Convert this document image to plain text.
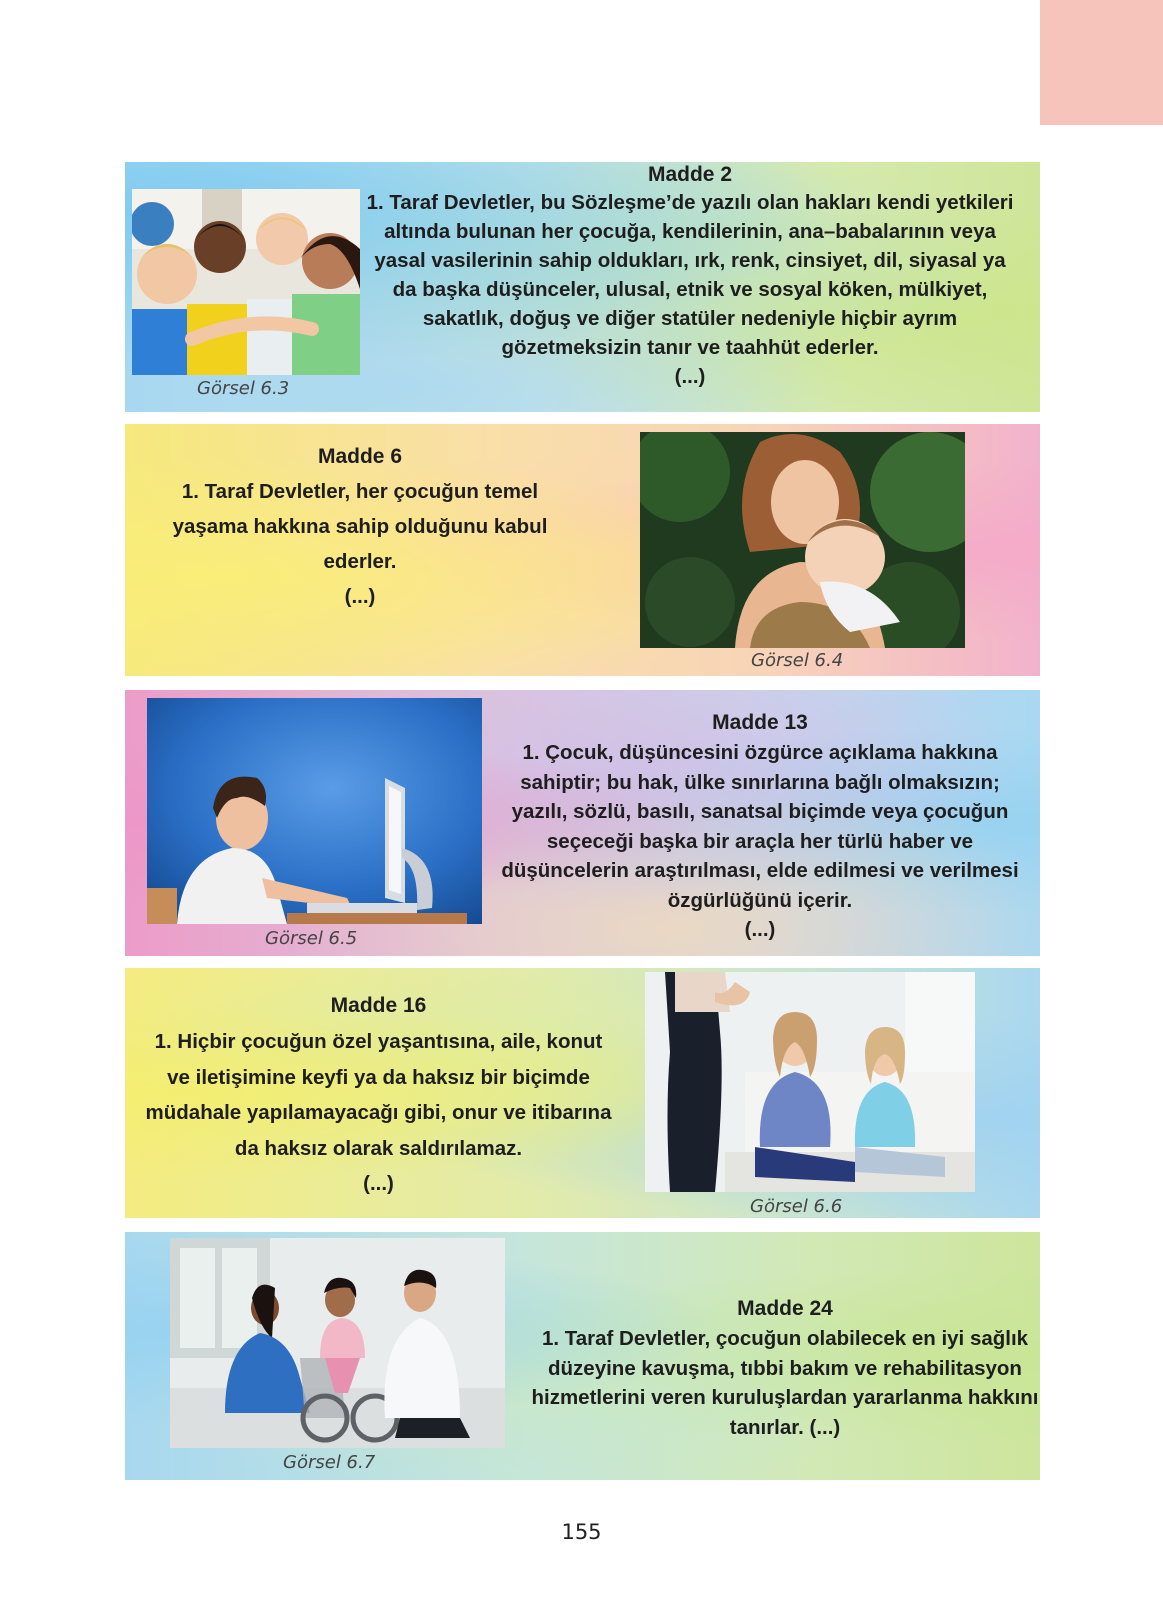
Görsel 6.3
Madde 2
1. Taraf Devletler, bu Sözleşme’de yazılı olan hakları kendi yetkileri altında bulunan her çocuğa, kendilerinin, ana–babalarının veya yasal vasilerinin sahip oldukları, ırk, renk, cinsiyet, dil, siyasal ya da başka düşünceler, ulusal, etnik ve sosyal köken, mülkiyet, sakatlık, doğuş ve diğer statüler nedeniyle hiçbir ayrım gözetmeksizin tanır ve taahhüt ederler.
(...)
Madde 6
1. Taraf Devletler, her çocuğun temel yaşama hakkına sahip olduğunu kabul ederler.
(...)
Görsel 6.4
Görsel 6.5
Madde 13
1. Çocuk, düşüncesini özgürce açıklama hakkına sahiptir; bu hak, ülke sınırlarına bağlı olmaksızın; yazılı, sözlü, basılı, sanatsal biçimde veya çocuğun seçeceği başka bir araçla her türlü haber ve düşüncelerin araştırılması, elde edilmesi ve verilmesi özgürlüğünü içerir.
(...)
Madde 16
1. Hiçbir çocuğun özel yaşantısına, aile, konut ve iletişimine keyfi ya da haksız bir biçimde müdahale yapılamayacağı gibi, onur ve itibarına da haksız olarak saldırılamaz.
(...)
Görsel 6.6
Görsel 6.7
Madde 24
1. Taraf Devletler, çocuğun olabilecek en iyi sağlık düzeyine kavuşma, tıbbi bakım ve rehabilitasyon hizmetlerini veren kuruluşlardan yararlanma hakkını tanırlar. (...)
155
